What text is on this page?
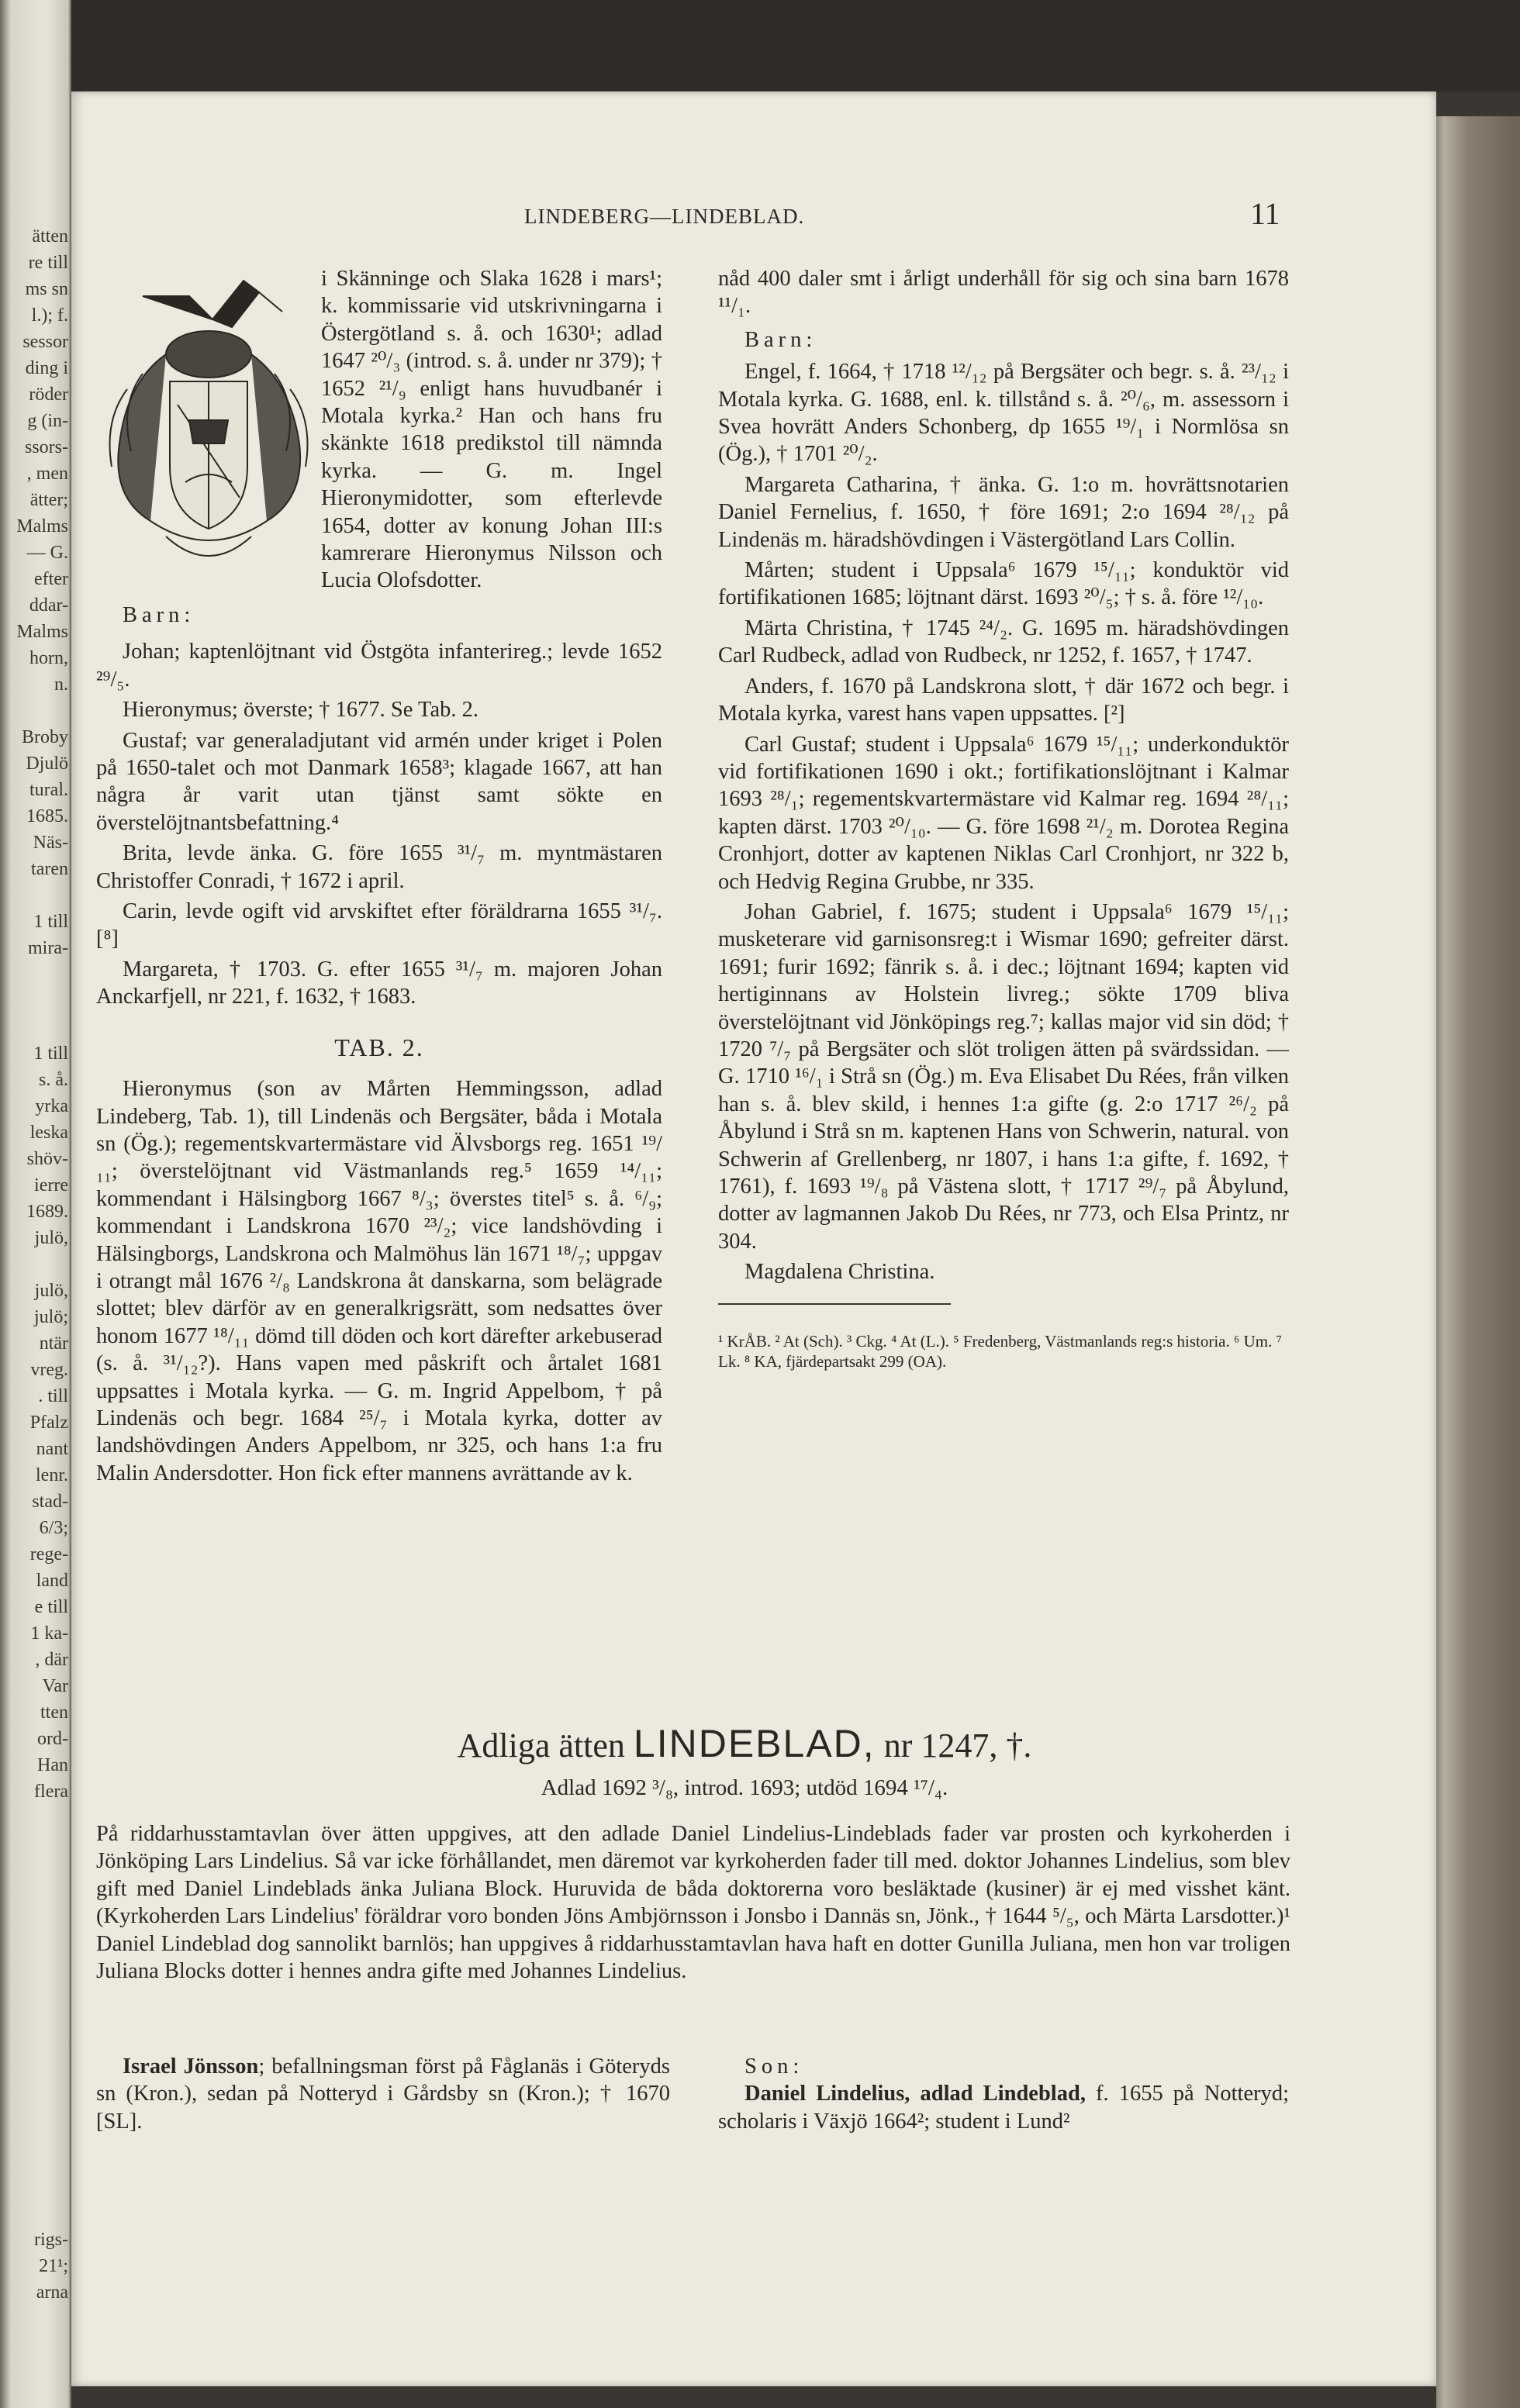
ätten
re till
ms sn
l.); f.
sessor
ding i
röder
g (in-
ssors-
, men
ätter;
Malms
— G.
efter
ddar-
Malms
horn,
n.
Broby
Djulö
tural.
1685.
Näs-
taren
1 till
mira-
1 till
s. å.
yrka
leska
shöv-
ierre
1689.
julö,
julö,
julö;
ntär
vreg.
. till
Pfalz
nant
lenr.
stad-
6/3;
rege-
land
e till
1 ka-
, där
Var
tten
ord-
Han
flera
rigs-
21¹;
arna
LINDEBERG—LINDEBLAD.	11
i Skänninge och Slaka 1628 i mars¹; k. kommissarie vid utskrivningarna i Östergötland s. å. och 1630¹; adlad 1647 ²⁰/₃ (introd. s. å. under nr 379); † 1652 ²¹/₉ enligt hans huvudbanér i Motala kyrka.² Han och hans fru skänkte 1618 predikstol till nämnda kyrka. — G. m. Ingel Hieronymidotter, som efterlevde 1654, dotter av konung Johan III:s kamrerare Hieronymus Nilsson och Lucia Olofsdotter.

Barn:

Johan; kaptenlöjtnant vid Östgöta infanterireg.; levde 1652 ²⁹/₅.

Hieronymus; överste; † 1677. Se Tab. 2.

Gustaf; var generaladjutant vid armén under kriget i Polen på 1650-talet och mot Danmark 1658³; klagade 1667, att han några år varit utan tjänst samt sökte en överstelöjtnantsbefattning.⁴

Brita, levde änka. G. före 1655 ³¹/₇ m. myntmästaren Christoffer Conradi, † 1672 i april.

Carin, levde ogift vid arvskiftet efter föräldrarna 1655 ³¹/₇. [⁸]

Margareta, † 1703. G. efter 1655 ³¹/₇ m. majoren Johan Anckarfjell, nr 221, f. 1632, † 1683.

TAB. 2.

Hieronymus (son av Mårten Hemmingsson, adlad Lindeberg, Tab. 1), till Lindenäs och Bergsäter, båda i Motala sn (Ög.); regementskvartermästare vid Älvsborgs reg. 1651 ¹⁹/₁₁; överstelöjtnant vid Västmanlands reg.⁵ 1659 ¹⁴/₁₁; kommendant i Hälsingborg 1667 ⁸/₃; överstes titel⁵ s. å. ⁶/₉; kommendant i Landskrona 1670 ²³/₂; vice landshövding i Hälsingborgs, Landskrona och Malmöhus län 1671 ¹⁸/₇; uppgav i otrangt mål 1676 ²/₈ Landskrona åt danskarna, som belägrade slottet; blev därför av en generalkrigsrätt, som nedsattes över honom 1677 ¹⁸/₁₁ dömd till döden och kort därefter arkebuserad (s. å. ³¹/₁₂?). Hans vapen med påskrift och årtalet 1681 uppsattes i Motala kyrka. — G. m. Ingrid Appelbom, † på Lindenäs och begr. 1684 ²⁵/₇ i Motala kyrka, dotter av landshövdingen Anders Appelbom, nr 325, och hans 1:a fru Malin Andersdotter. Hon fick efter mannens avrättande av k.

nåd 400 daler smt i årligt underhåll för sig och sina barn 1678 ¹¹/₁.

Barn:

Engel, f. 1664, † 1718 ¹²/₁₂ på Bergsäter och begr. s. å. ²³/₁₂ i Motala kyrka. G. 1688, enl. k. tillstånd s. å. ²⁰/₆, m. assessorn i Svea hovrätt Anders Schonberg, dp 1655 ¹⁹/₁ i Normlösa sn (Ög.), † 1701 ²⁰/₂.

Margareta Catharina, † änka. G. 1:o m. hovrättsnotarien Daniel Fernelius, f. 1650, † före 1691; 2:o 1694 ²⁸/₁₂ på Lindenäs m. häradshövdingen i Västergötland Lars Collin.

Mårten; student i Uppsala⁶ 1679 ¹⁵/₁₁; konduktör vid fortifikationen 1685; löjtnant därst. 1693 ²⁰/₅; † s. å. före ¹²/₁₀.

Märta Christina, † 1745 ²⁴/₂. G. 1695 m. häradshövdingen Carl Rudbeck, adlad von Rudbeck, nr 1252, f. 1657, † 1747.

Anders, f. 1670 på Landskrona slott, † där 1672 och begr. i Motala kyrka, varest hans vapen uppsattes. [²]

Carl Gustaf; student i Uppsala⁶ 1679 ¹⁵/₁₁; underkonduktör vid fortifikationen 1690 i okt.; fortifikationslöjtnant i Kalmar 1693 ²⁸/₁; regementskvartermästare vid Kalmar reg. 1694 ²⁸/₁₁; kapten därst. 1703 ²⁰/₁₀. — G. före 1698 ²¹/₂ m. Dorotea Regina Cronhjort, dotter av kaptenen Niklas Carl Cronhjort, nr 322 b, och Hedvig Regina Grubbe, nr 335.

Johan Gabriel, f. 1675; student i Uppsala⁶ 1679 ¹⁵/₁₁; musketerare vid garnisonsreg:t i Wismar 1690; gefreiter därst. 1691; furir 1692; fänrik s. å. i dec.; löjtnant 1694; kapten vid hertiginnans av Holstein livreg.; sökte 1709 bliva överstelöjtnant vid Jönköpings reg.⁷; kallas major vid sin död; † 1720 ⁷/₇ på Bergsäter och slöt troligen ätten på svärdssidan. — G. 1710 ¹⁶/₁ i Strå sn (Ög.) m. Eva Elisabet Du Rées, från vilken han s. å. blev skild, i hennes 1:a gifte (g. 2:o 1717 ²⁶/₂ på Åbylund i Strå sn m. kaptenen Hans von Schwerin, natural. von Schwerin af Grellenberg, nr 1807, i hans 1:a gifte, f. 1692, † 1761), f. 1693 ¹⁹/₈ på Västena slott, † 1717 ²⁹/₇ på Åbylund, dotter av lagmannen Jakob Du Rées, nr 773, och Elsa Printz, nr 304.

Magdalena Christina.

¹ KrÅB. ² At (Sch). ³ Ckg. ⁴ At (L.). ⁵ Fredenberg, Västmanlands reg:s historia. ⁶ Um. ⁷ Lk. ⁸ KA, fjärdepartsakt 299 (OA).
Adliga ätten LINDEBLAD, nr 1247, †.
Adlad 1692 ³/₈, introd. 1693; utdöd 1694 ¹⁷/₄.

På riddarhusstamtavlan över ätten uppgives, att den adlade Daniel Lindelius-Lindeblads fader var prosten och kyrkoherden i Jönköping Lars Lindelius. Så var icke förhållandet, men däremot var kyrkoherden fader till med. doktor Johannes Lindelius, som blev gift med Daniel Lindeblads änka Juliana Block. Huruvida de båda doktorerna voro besläktade (kusiner) är ej med visshet känt. (Kyrkoherden Lars Lindelius' föräldrar voro bonden Jöns Ambjörnsson i Jonsbo i Dannäs sn, Jönk., † 1644 ⁵/₅, och Märta Larsdotter.)¹ Daniel Lindeblad dog sannolikt barnlös; han uppgives å riddarhusstamtavlan hava haft en dotter Gunilla Juliana, men hon var troligen Juliana Blocks dotter i hennes andra gifte med Johannes Lindelius.

Israel Jönsson; befallningsman först på Fåglanäs i Göteryds sn (Kron.), sedan på Notteryd i Gårdsby sn (Kron.); † 1670 [SL].

Son:

Daniel Lindelius, adlad Lindeblad, f. 1655 på Notteryd; scholaris i Växjö 1664²; student i Lund²
